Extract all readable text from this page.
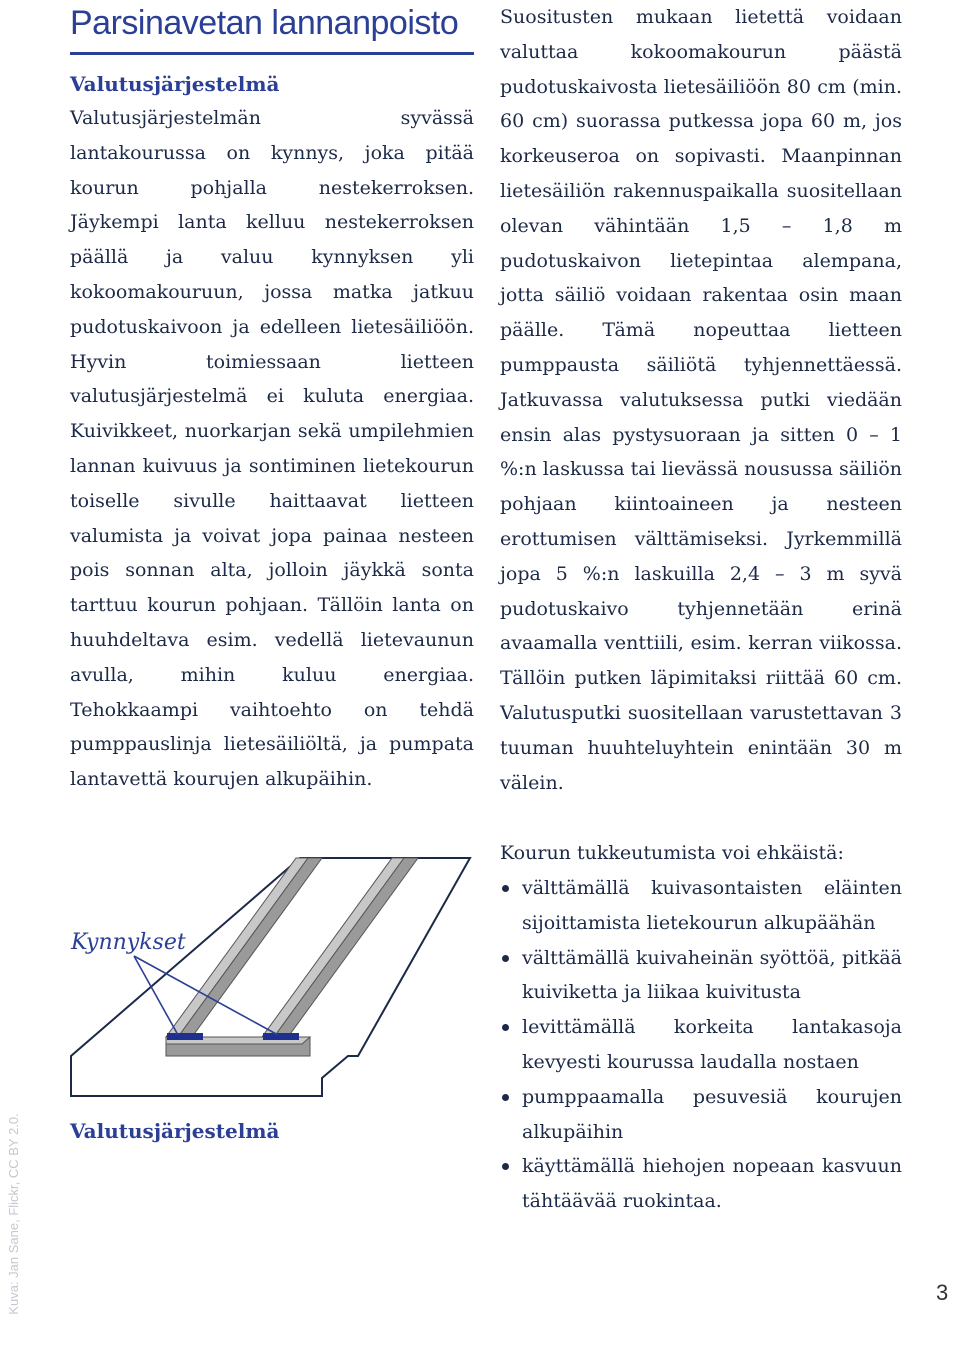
Parsinavetan lannanpoisto
Valutusjärjestelmä

Valutusjärjestelmän syvässä lantakourussa on kynnys, joka pitää kourun pohjalla nestekerroksen. Jäykempi lanta kelluu nestekerroksen päällä ja valuu kynnyksen yli kokoomakouruun, jossa matka jatkuu pudotuskaivoon ja edelleen lietesäiliöön. Hyvin toimiessaan lietteen valutusjärjestelmä ei kuluta energiaa. Kuivikkeet, nuorkarjan sekä umpilehmien lannan kuivuus ja sontiminen lietekourun toiselle sivulle haittaavat lietteen valumista ja voivat jopa painaa nesteen pois sonnan alta, jolloin jäykkä sonta tarttuu kourun pohjaan. Tällöin lanta on huuhdeltava esim. vedellä lietevaunun avulla, mihin kuluu energiaa. Tehokkaampi vaihtoehto on tehdä pumppauslinja lietesäiliöltä, ja pumpata lantavettä kourujen alkupäihin.

Suositusten mukaan lietettä voidaan valuttaa kokoomakourun päästä pudotuskaivosta lietesäiliöön 80 cm (min. 60 cm) suorassa putkessa jopa 60 m, jos korkeuseroa on sopivasti. Maanpinnan lietesäiliön rakennuspaikalla suositellaan olevan vähintään 1,5 – 1,8 m pudotuskaivon lietepintaa alempana, jotta säiliö voidaan rakentaa osin maan päälle. Tämä nopeuttaa lietteen pumppausta säiliötä tyhjennettäessä. Jatkuvassa valutuksessa putki viedään ensin alas pystysuoraan ja sitten 0 – 1 %:n laskussa tai lievässä nousussa säiliön pohjaan kiintoaineen ja nesteen erottumisen välttämiseksi. Jyrkemmillä jopa 5 %:n laskuilla 2,4 – 3 m syvä pudotuskaivo tyhjennetään erinä avaamalla venttiili, esim. kerran viikossa. Tällöin putken läpimitaksi riittää 60 cm. Valutusputki suositellaan varustettavan 3 tuuman huuhteluyhtein enintään 30 m välein.

Kourun tukkeutumista voi ehkäistä:

välttämällä kuivasontaisten eläinten sijoittamista lietekourun alkupäähän
välttämällä kuivaheinän syöttöä, pitkää kuiviketta ja liikaa kuivitusta
levittämällä korkeita lantakasoja kevyesti kourussa laudalla nostaen
pumppaamalla pesuvesiä kourujen alkupäihin
käyttämällä hiehojen nopeaan kasvuun tähtäävää ruokintaa.
Kynnykset
Valutusjärjestelmä
Kuva: Jan Sane, Flickr, CC BY 2.0.	3
